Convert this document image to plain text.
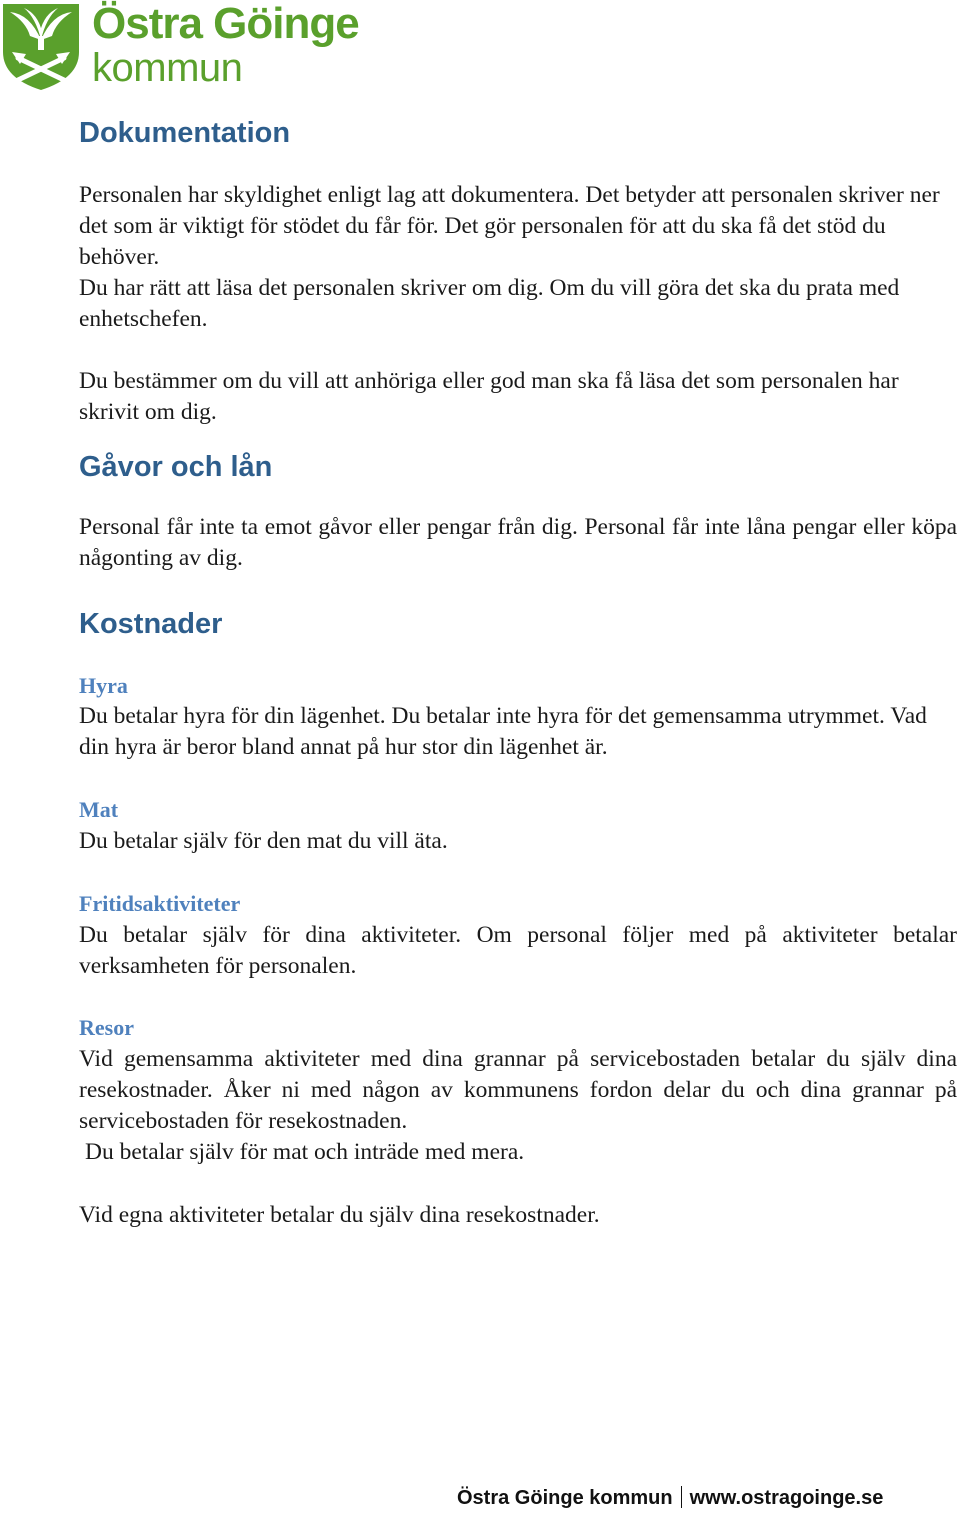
Östra Göinge
kommun
Dokumentation

Personalen har skyldighet enligt lag att dokumentera. Det betyder att personalen skriver ner det som är viktigt för stödet du får för. Det gör personalen för att du ska få det stöd du behöver.

Du har rätt att läsa det personalen skriver om dig. Om du vill göra det ska du prata med enhetschefen.

Du bestämmer om du vill att anhöriga eller god man ska få läsa det som personalen har skrivit om dig.

Gåvor och lån

Personal får inte ta emot gåvor eller pengar från dig. Personal får inte låna pengar eller köpa någonting av dig.

Kostnader
Hyra

Du betalar hyra för din lägenhet. Du betalar inte hyra för det gemensamma utrymmet. Vad din hyra är beror bland annat på hur stor din lägenhet är.

Mat

Du betalar själv för den mat du vill äta.

Fritidsaktiviteter

Du betalar själv för dina aktiviteter. Om personal följer med på aktiviteter betalar verksamheten för personalen.

Resor

Vid gemensamma aktiviteter med dina grannar på servicebostaden betalar du själv dina resekostnader. Åker ni med någon av kommunens fordon delar du och dina grannar på servicebostaden för resekostnaden.

Du betalar själv för mat och inträde med mera.

Vid egna aktiviteter betalar du själv dina resekostnader.

Östra Göinge kommun www.ostragoinge.se
